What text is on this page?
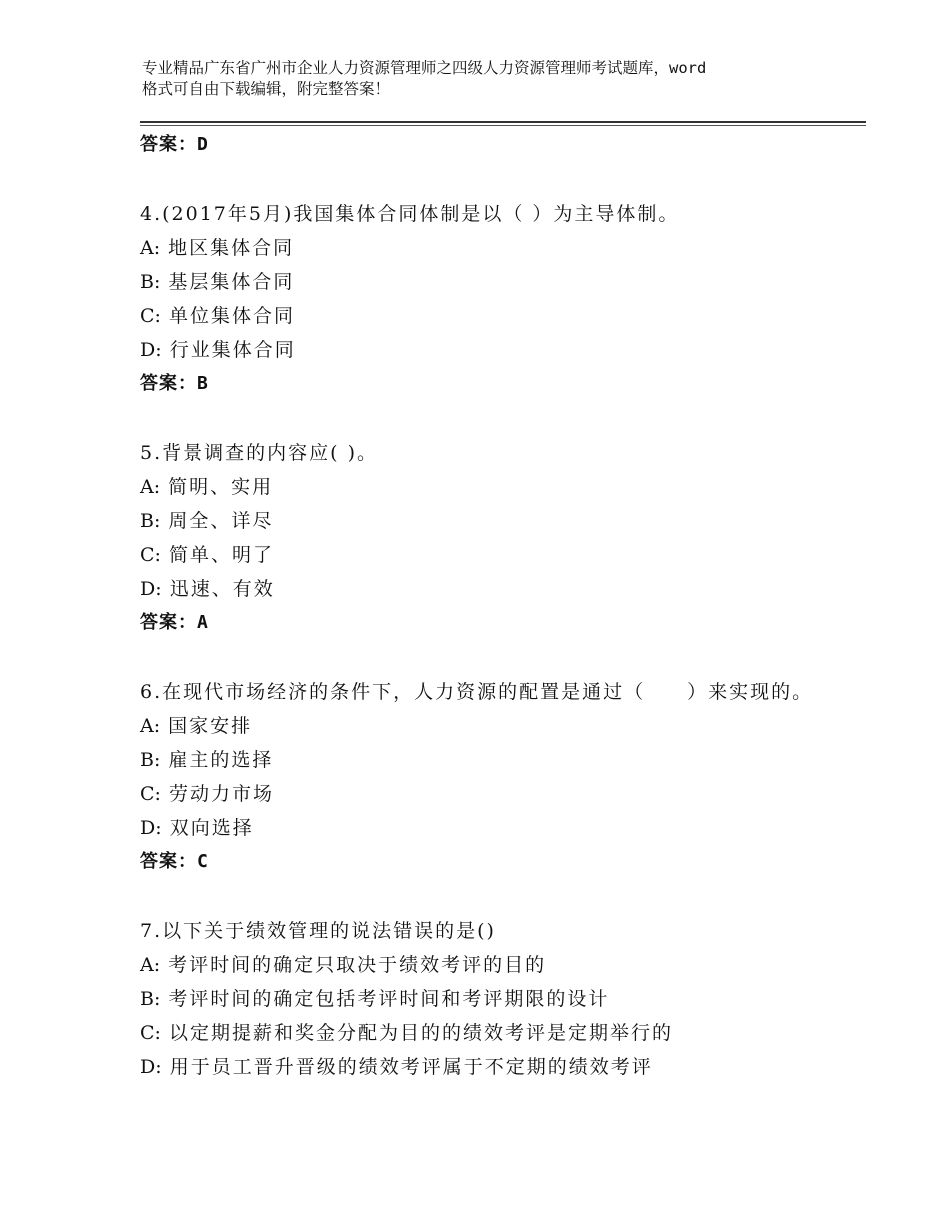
专业精品广东省广州市企业人力资源管理师之四级人力资源管理师考试题库，word
格式可自由下载编辑，附完整答案！
答案：D
4.(2017年5月)我国集体合同体制是以（ ）为主导体制。
A: 地区集体合同
B: 基层集体合同
C: 单位集体合同
D: 行业集体合同
答案：B
5.背景调查的内容应( )。
A: 简明、实用
B: 周全、详尽
C: 简单、明了
D: 迅速、有效
答案：A
6.在现代市场经济的条件下，人力资源的配置是通过（　　）来实现的。
A: 国家安排
B: 雇主的选择
C: 劳动力市场
D: 双向选择
答案：C
7.以下关于绩效管理的说法错误的是()
A: 考评时间的确定只取决于绩效考评的目的
B: 考评时间的确定包括考评时间和考评期限的设计
C: 以定期提薪和奖金分配为目的的绩效考评是定期举行的
D: 用于员工晋升晋级的绩效考评属于不定期的绩效考评
